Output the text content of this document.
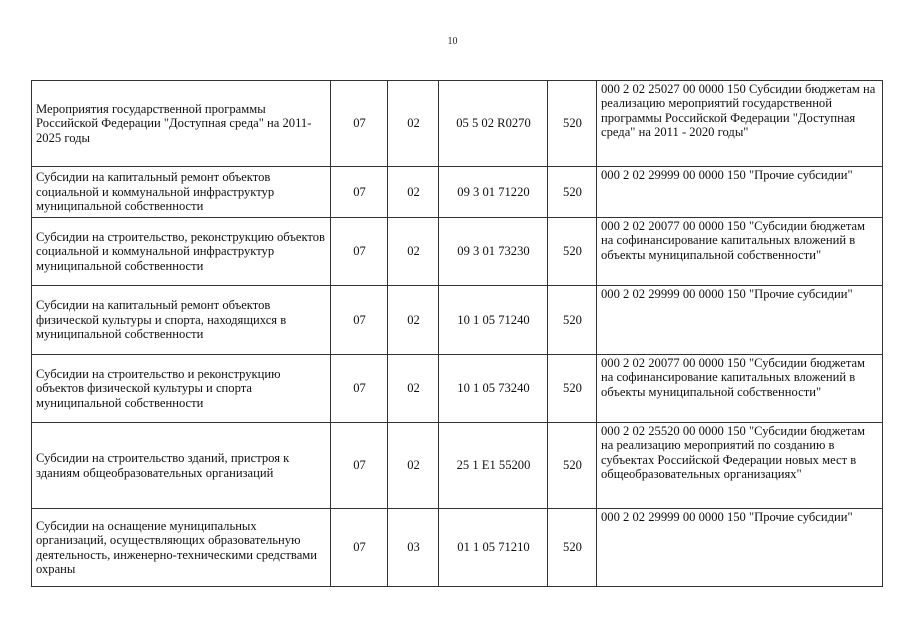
10
Мероприятия государственной программы Российской Федерации "Доступная среда" на 2011-2025 годы	07	02	05 5 02 R0270	520	000 2 02 25027 00 0000 150 Субсидии бюджетам на реализацию мероприятий государственной программы Российской Федерации "Доступная среда" на 2011 - 2020 годы"
Субсидии на капитальный ремонт объектов социальной и коммунальной инфраструктур муниципальной собственности	07	02	09 3 01 71220	520	000 2 02 29999 00 0000 150 "Прочие субсидии"
Субсидии на строительство, реконструкцию объектов социальной и коммунальной инфраструктур муниципальной собственности	07	02	09 3 01 73230	520	000 2 02 20077 00 0000 150 "Субсидии бюджетам на софинансирование капитальных вложений в объекты муниципальной собственности"
Субсидии на капитальный ремонт объектов физической культуры и спорта, находящихся в муниципальной собственности	07	02	10 1 05 71240	520	000 2 02 29999 00 0000 150 "Прочие субсидии"
Субсидии на строительство и реконструкцию объектов физической культуры и спорта муниципальной собственности	07	02	10 1 05 73240	520	000 2 02 20077 00 0000 150 "Субсидии бюджетам на софинансирование капитальных вложений в объекты муниципальной собственности"
Субсидии на строительство зданий, пристроя к зданиям общеобразовательных организаций	07	02	25 1 E1 55200	520	000 2 02 25520 00 0000 150 "Субсидии бюджетам на реализацию мероприятий по созданию в субъектах Российской Федерации новых мест в общеобразовательных организациях"
Субсидии на оснащение муниципальных организаций, осуществляющих образовательную деятельность, инженерно-техническими средствами охраны	07	03	01 1 05 71210	520	000 2 02 29999 00 0000 150 "Прочие субсидии"
